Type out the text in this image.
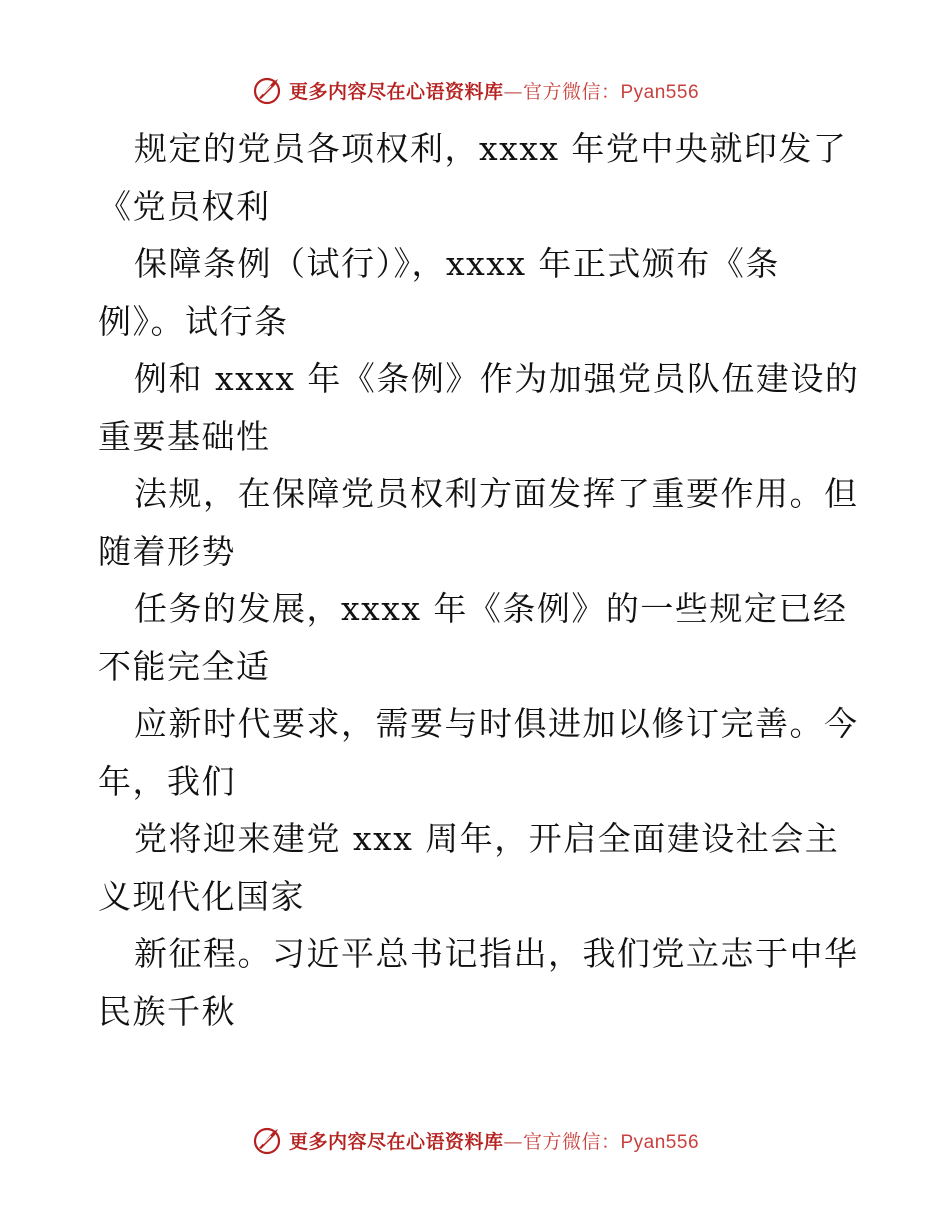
更多内容尽在心语资料库—官方微信：Pyan556
规定的党员各项权利，xxxx 年党中央就印发了
《党员权利
保障条例（试行）》，xxxx 年正式颁布《条
例》。试行条
例和 xxxx 年《条例》作为加强党员队伍建设的
重要基础性
法规，在保障党员权利方面发挥了重要作用。但
随着形势
任务的发展，xxxx 年《条例》的一些规定已经
不能完全适
应新时代要求，需要与时俱进加以修订完善。今
年，我们
党将迎来建党 xxx 周年，开启全面建设社会主
义现代化国家
新征程。习近平总书记指出，我们党立志于中华
民族千秋
更多内容尽在心语资料库—官方微信：Pyan556
